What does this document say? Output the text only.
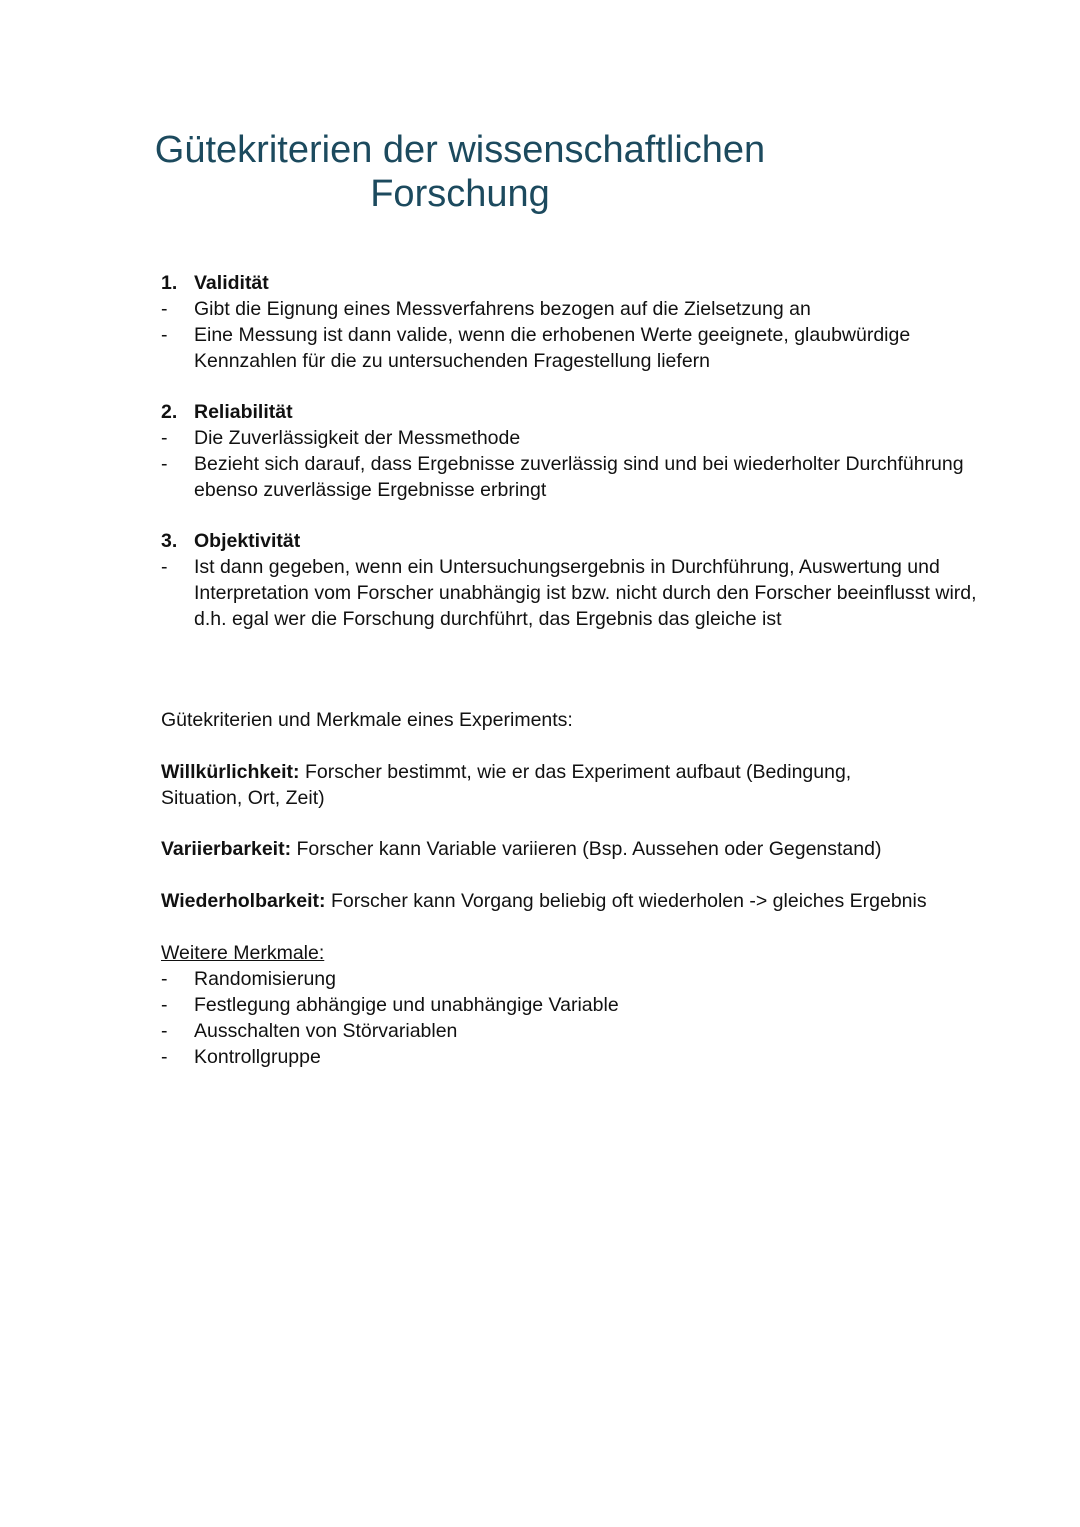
Gütekriterien der wissenschaftlichen
Forschung
1. Validität
-	Gibt die Eignung eines Messverfahrens bezogen auf die Zielsetzung an
-	Eine Messung ist dann valide, wenn die erhobenen Werte geeignete, glaubwürdige Kennzahlen für die zu untersuchenden Fragestellung liefern
2. Reliabilität
-	Die Zuverlässigkeit der Messmethode
-	Bezieht sich darauf, dass Ergebnisse zuverlässig sind und bei wiederholter Durchführung ebenso zuverlässige Ergebnisse erbringt
3. Objektivität
-	Ist dann gegeben, wenn ein Untersuchungsergebnis in Durchführung, Auswertung und Interpretation vom Forscher unabhängig ist bzw. nicht durch den Forscher beeinflusst wird, d.h. egal wer die Forschung durchführt, das Ergebnis das gleiche ist
Gütekriterien und Merkmale eines Experiments:
Willkürlichkeit: Forscher bestimmt, wie er das Experiment aufbaut (Bedingung, Situation, Ort, Zeit)
Variierbarkeit: Forscher kann Variable variieren (Bsp. Aussehen oder Gegenstand)
Wiederholbarkeit: Forscher kann Vorgang beliebig oft wiederholen -> gleiches Ergebnis
Weitere Merkmale:
-	Randomisierung
-	Festlegung abhängige und unabhängige Variable
-	Ausschalten von Störvariablen
-	Kontrollgruppe
